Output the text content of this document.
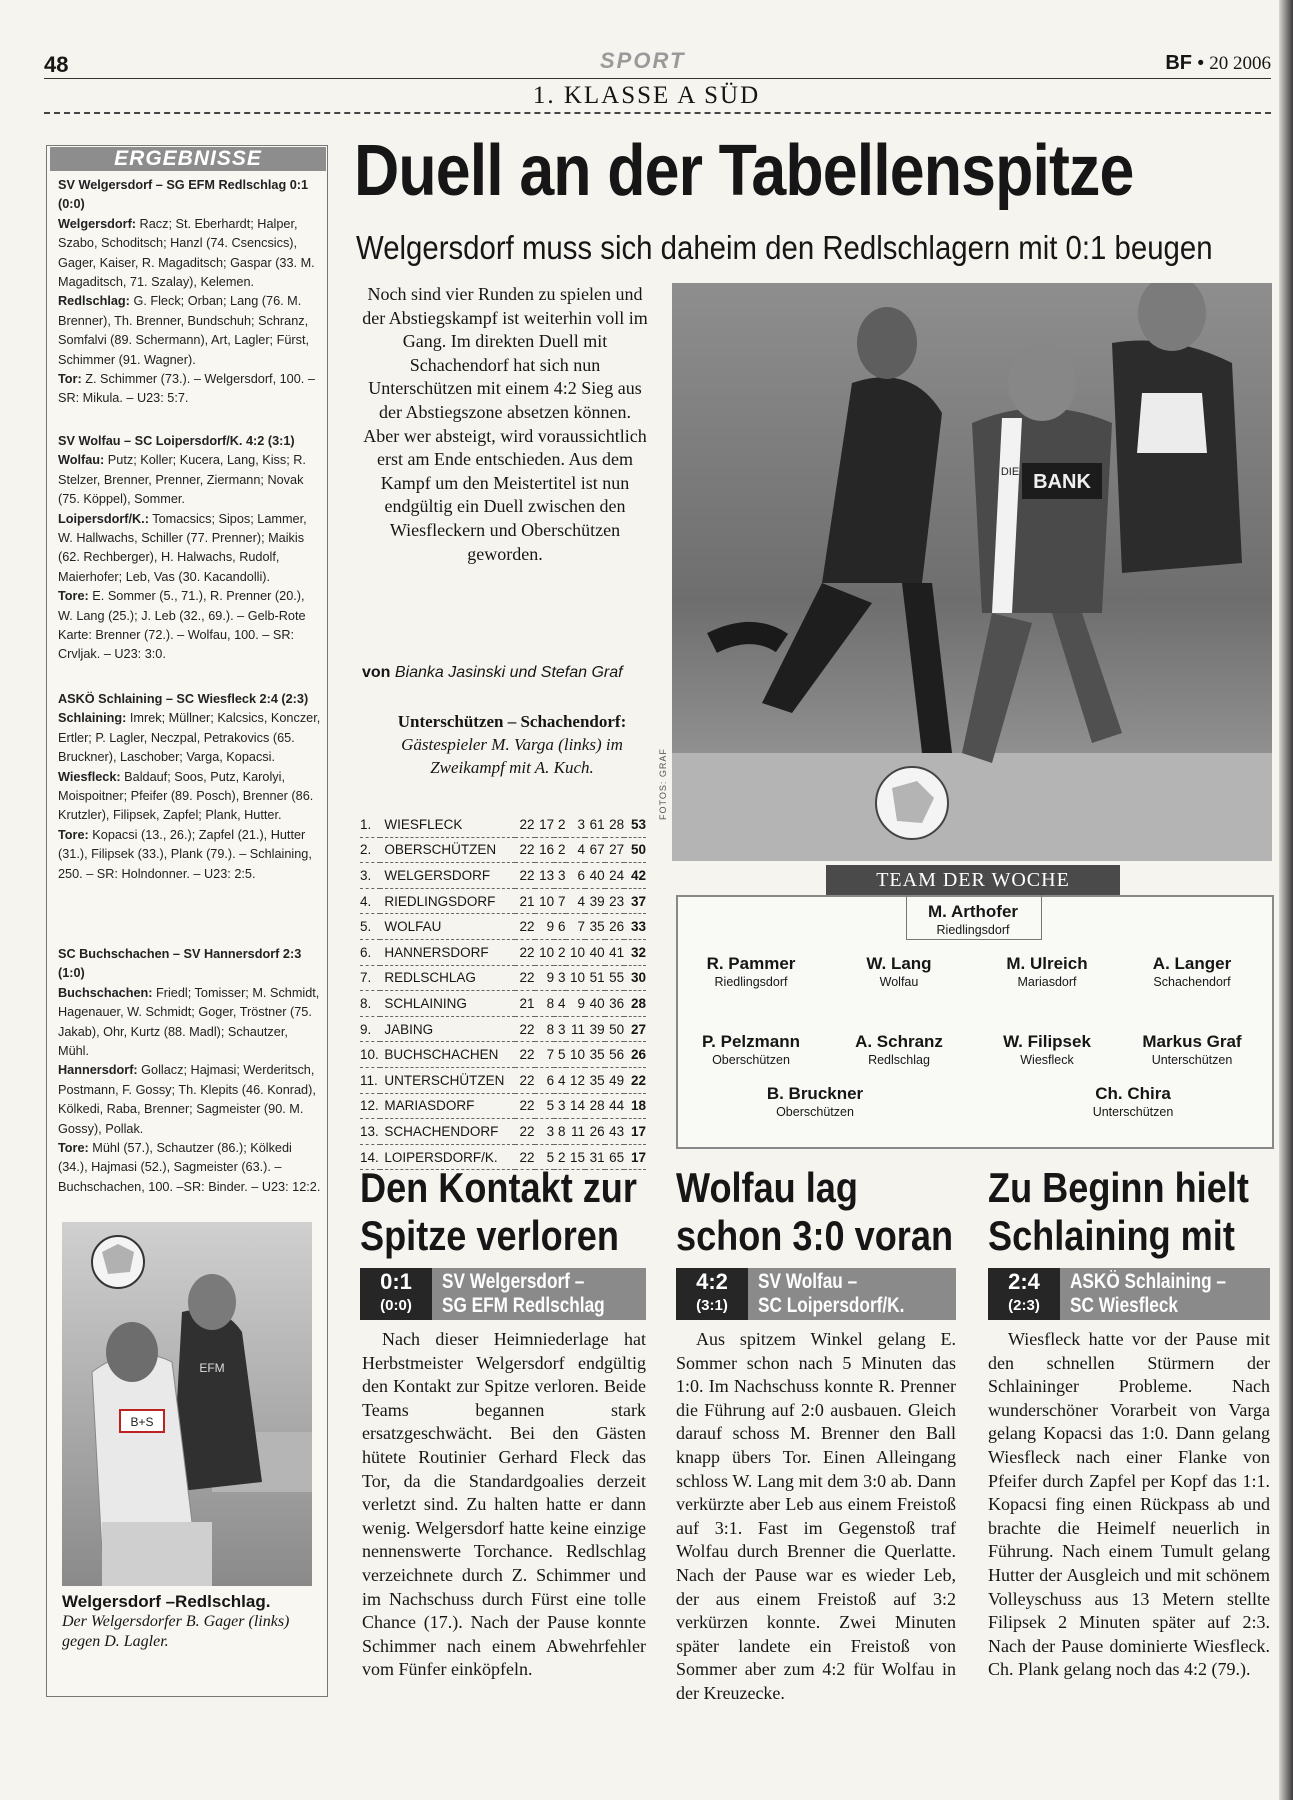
48	SPORT	BF • 20 2006
1. KLASSE A SÜD
ERGEBNISSE
SV Welgersdorf – SG EFM Redlschlag 0:1 (0:0)
Welgersdorf: Racz; St. Eberhardt; Halper, Szabo, Schoditsch; Hanzl (74. Csencsics), Gager, Kaiser, R. Magaditsch; Gaspar (33. M. Magaditsch, 71. Szalay), Kelemen.
Redlschlag: G. Fleck; Orban; Lang (76. M. Brenner), Th. Brenner, Bundschuh; Schranz, Somfalvi (89. Schermann), Art, Lagler; Fürst, Schimmer (91. Wagner).
Tor: Z. Schimmer (73.). – Welgersdorf, 100. – SR: Mikula. – U23: 5:7.
SV Wolfau – SC Loipersdorf/K. 4:2 (3:1)
Wolfau: Putz; Koller; Kucera, Lang, Kiss; R. Stelzer, Brenner, Prenner, Ziermann; Novak (75. Köppel), Sommer.
Loipersdorf/K.: Tomacsics; Sipos; Lammer, W. Hallwachs, Schiller (77. Prenner); Maikis (62. Rechberger), H. Halwachs, Rudolf, Maierhofer; Leb, Vas (30. Kacandolli).
Tore: E. Sommer (5., 71.), R. Prenner (20.), W. Lang (25.); J. Leb (32., 69.). – Gelb-Rote Karte: Brenner (72.). – Wolfau, 100. – SR: Crvljak. – U23: 3:0.
ASKÖ Schlaining – SC Wiesfleck 2:4 (2:3)
Schlaining: Imrek; Müllner; Kalcsics, Konczer, Ertler; P. Lagler, Neczpal, Petrakovics (65. Bruckner), Laschober; Varga, Kopacsi.
Wiesfleck: Baldauf; Soos, Putz, Karolyi, Moispoitner; Pfeifer (89. Posch), Brenner (86. Krutzler), Filipsek, Zapfel; Plank, Hutter.
Tore: Kopacsi (13., 26.); Zapfel (21.), Hutter (31.), Filipsek (33.), Plank (79.). – Schlaining, 250. – SR: Holndonner. – U23: 2:5.
SC Buchschachen – SV Hannersdorf 2:3 (1:0)
Buchschachen: Friedl; Tomisser; M. Schmidt, Hagenauer, W. Schmidt; Goger, Tröstner (75. Jakab), Ohr, Kurtz (88. Madl); Schautzer, Mühl.
Hannersdorf: Gollacz; Hajmasi; Werderitsch, Postmann, F. Gossy; Th. Klepits (46. Konrad), Kölkedi, Raba, Brenner; Sagmeister (90. M. Gossy), Pollak.
Tore: Mühl (57.), Schautzer (86.); Kölkedi (34.), Hajmasi (52.), Sagmeister (63.). – Buchschachen, 100. –SR: Binder. – U23: 12:2.
B+S
EFM
Welgersdorf –Redlschlag.
Der Welgersdorfer B. Gager (links) gegen D. Lagler.
Duell an der Tabellenspitze
Welgersdorf muss sich daheim den Redlschlagern mit 0:1 beugen
Noch sind vier Runden zu spielen und der Abstiegskampf ist weiterhin voll im Gang. Im direkten Duell mit Schachendorf hat sich nun Unterschützen mit einem 4:2 Sieg aus der Abstiegszone absetzen können. Aber wer absteigt, wird voraussichtlich erst am Ende entschieden. Aus dem Kampf um den Meistertitel ist nun endgültig ein Duell zwischen den Wiesfleckern und Oberschützen geworden.
von Bianka Jasinski und Stefan Graf
Unterschützen – Schachendorf:
Gästespieler M. Varga (links) im Zweikampf mit A. Kuch.
BANK
DIE
FOTOS: GRAF
1.	WIESFLECK	22	17	2	3	61	28	53
2.	OBERSCHÜTZEN	22	16	2	4	67	27	50
3.	WELGERSDORF	22	13	3	6	40	24	42
4.	RIEDLINGSDORF	21	10	7	4	39	23	37
5.	WOLFAU	22	9	6	7	35	26	33
6.	HANNERSDORF	22	10	2	10	40	41	32
7.	REDLSCHLAG	22	9	3	10	51	55	30
8.	SCHLAINING	21	8	4	9	40	36	28
9.	JABING	22	8	3	11	39	50	27
10.	BUCHSCHACHEN	22	7	5	10	35	56	26
11.	UNTERSCHÜTZEN	22	6	4	12	35	49	22
12.	MARIASDORF	22	5	3	14	28	44	18
13.	SCHACHENDORF	22	3	8	11	26	43	17
14.	LOIPERSDORF/K.	22	5	2	15	31	65	17
TEAM DER WOCHE
M. Arthofer
Riedlingsdorf
R. Pammer
Riedlingsdorf
W. Lang
Wolfau
M. Ulreich
Mariasdorf
A. Langer
Schachendorf
P. Pelzmann
Oberschützen
A. Schranz
Redlschlag
W. Filipsek
Wiesfleck
Markus Graf
Unterschützen
B. Bruckner
Oberschützen
Ch. Chira
Unterschützen
Den Kontakt zur
Spitze verloren
0:1
(0:0)
SV Welgersdorf –
SG EFM Redlschlag

Nach dieser Heimniederlage hat Herbstmeister Welgersdorf endgültig den Kontakt zur Spitze verloren. Beide Teams begannen stark ersatzgeschwächt. Bei den Gästen hütete Routinier Gerhard Fleck das Tor, da die Standardgoalies derzeit verletzt sind. Zu halten hatte er dann wenig. Welgersdorf hatte keine einzige nennenswerte Torchance. Redlschlag verzeichnete durch Z. Schimmer und im Nachschuss durch Fürst eine tolle Chance (17.). Nach der Pause konnte Schimmer nach einem Abwehrfehler vom Fünfer einköpfeln.

Wolfau lag
schon 3:0 voran
4:2
(3:1)
SV Wolfau –
SC Loipersdorf/K.

Aus spitzem Winkel gelang E. Sommer schon nach 5 Minuten das 1:0. Im Nachschuss konnte R. Prenner die Führung auf 2:0 ausbauen. Gleich darauf schoss M. Brenner den Ball knapp übers Tor. Einen Alleingang schloss W. Lang mit dem 3:0 ab. Dann verkürzte aber Leb aus einem Freistoß auf 3:1. Fast im Gegenstoß traf Wolfau durch Brenner die Querlatte. Nach der Pause war es wieder Leb, der aus einem Freistoß auf 3:2 verkürzen konnte. Zwei Minuten später landete ein Freistoß von Sommer aber zum 4:2 für Wolfau in der Kreuzecke.

Zu Beginn hielt
Schlaining mit
2:4
(2:3)
ASKÖ Schlaining –
SC Wiesfleck

Wiesfleck hatte vor der Pause mit den schnellen Stürmern der Schlaininger Probleme. Nach wunderschöner Vorarbeit von Varga gelang Kopacsi das 1:0. Dann gelang Wiesfleck nach einer Flanke von Pfeifer durch Zapfel per Kopf das 1:1. Kopacsi fing einen Rückpass ab und brachte die Heimelf neuerlich in Führung. Nach einem Tumult gelang Hutter der Ausgleich und mit schönem Volleyschuss aus 13 Metern stellte Filipsek 2 Minuten später auf 2:3. Nach der Pause dominierte Wiesfleck. Ch. Plank gelang noch das 4:2 (79.).
